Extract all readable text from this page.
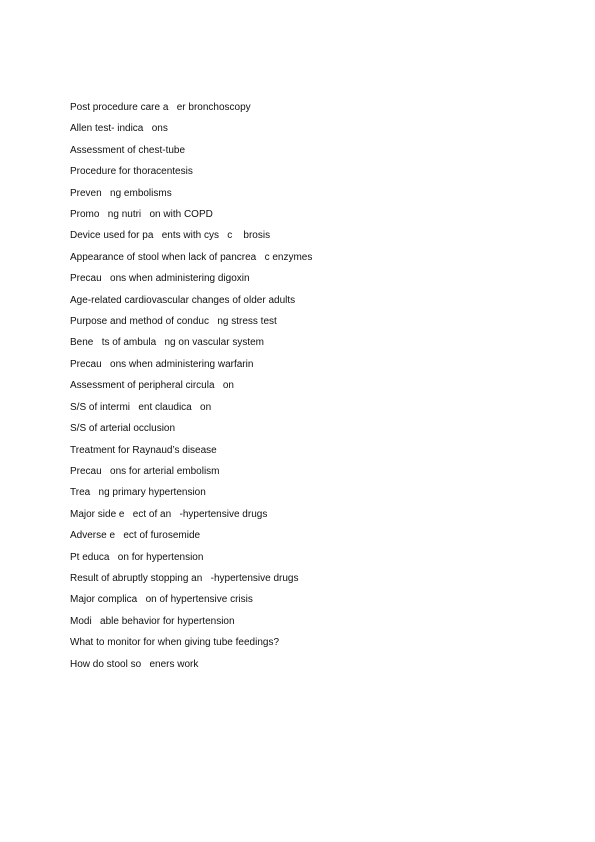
Post procedure care a   er bronchoscopy
Allen test- indica   ons
Assessment of chest-tube
Procedure for thoracentesis
Preven   ng embolisms
Promo   ng nutri   on with COPD
Device used for pa   ents with cys   c    brosis
Appearance of stool when lack of pancrea   c enzymes
Precau   ons when administering digoxin
Age-related cardiovascular changes of older adults
Purpose and method of conduc   ng stress test
Bene   ts of ambula   ng on vascular system
Precau   ons when administering warfarin
Assessment of peripheral circula   on
S/S of intermi   ent claudica   on
S/S of arterial occlusion
Treatment for Raynaud’s disease
Precau   ons for arterial embolism
Trea   ng primary hypertension
Major side e   ect of an   -hypertensive drugs
Adverse e   ect of furosemide
Pt educa   on for hypertension
Result of abruptly stopping an   -hypertensive drugs
Major complica   on of hypertensive crisis
Modi   able behavior for hypertension
What to monitor for when giving tube feedings?
How do stool so   eners work
